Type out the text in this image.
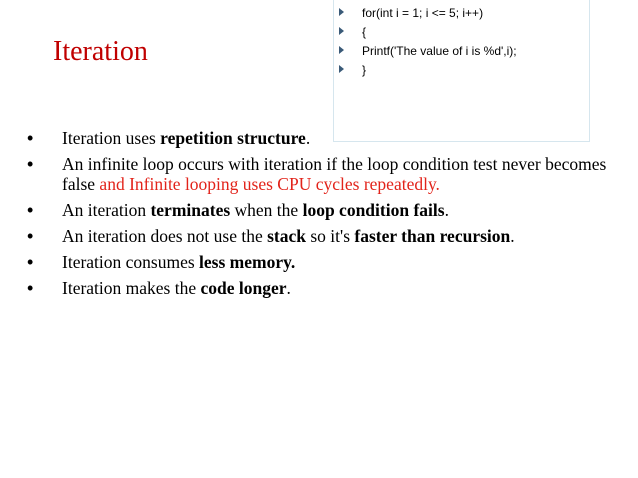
Iteration
for(int i = 1; i <= 5; i++)
{
Printf('The value of i is %d',i);
}
• Iteration uses repetition structure.
• An infinite loop occurs with iteration if the loop condition test never becomes false and Infinite looping uses CPU cycles repeatedly.
• An iteration terminates when the loop condition fails.
• An iteration does not use the stack so it's faster than recursion.
• Iteration consumes less memory.
• Iteration makes the code longer.
